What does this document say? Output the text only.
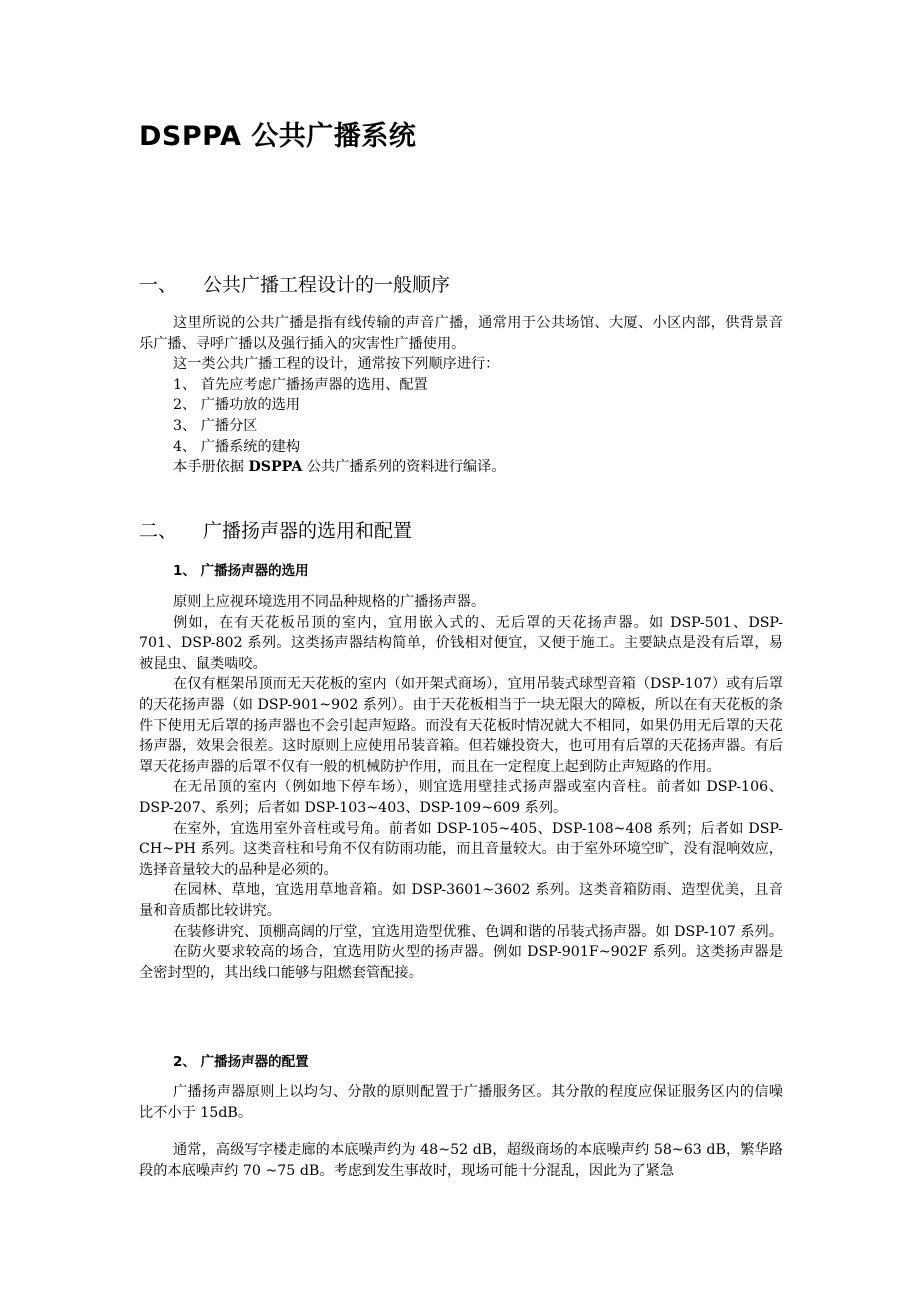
DSPPA 公共广播系统
一、 公共广播工程设计的一般顺序

这里所说的公共广播是指有线传输的声音广播，通常用于公共场馆、大厦、小区内部，供背景音乐广播、寻呼广播以及强行插入的灾害性广播使用。

这一类公共广播工程的设计，通常按下列顺序进行：

1、 首先应考虑广播扬声器的选用、配置

2、 广播功放的选用

3、 广播分区

4、 广播系统的建构

本手册依据 DSPPA 公共广播系列的资料进行编译。

二、 广播扬声器的选用和配置
1、 广播扬声器的选用

原则上应视环境选用不同品种规格的广播扬声器。

例如，在有天花板吊顶的室内，宜用嵌入式的、无后罩的天花扬声器。如 DSP-501、DSP-701、DSP-802 系列。这类扬声器结构简单，价钱相对便宜，又便于施工。主要缺点是没有后罩，易被昆虫、鼠类啮咬。

在仅有框架吊顶而无天花板的室内（如开架式商场），宜用吊装式球型音箱（DSP-107）或有后罩的天花扬声器（如 DSP-901~902 系列）。由于天花板相当于一块无限大的障板，所以在有天花板的条件下使用无后罩的扬声器也不会引起声短路。而没有天花板时情况就大不相同，如果仍用无后罩的天花扬声器，效果会很差。这时原则上应使用吊装音箱。但若嫌投资大，也可用有后罩的天花扬声器。有后罩天花扬声器的后罩不仅有一般的机械防护作用，而且在一定程度上起到防止声短路的作用。

在无吊顶的室内（例如地下停车场），则宜选用壁挂式扬声器或室内音柱。前者如 DSP-106、DSP-207、系列；后者如 DSP-103~403、DSP-109~609 系列。

在室外，宜选用室外音柱或号角。前者如 DSP-105~405、DSP-108~408 系列；后者如 DSP-CH~PH 系列。这类音柱和号角不仅有防雨功能，而且音量较大。由于室外环境空旷，没有混响效应，选择音量较大的品种是必须的。

在园林、草地，宜选用草地音箱。如 DSP-3601~3602 系列。这类音箱防雨、造型优美，且音量和音质都比较讲究。

在装修讲究、顶棚高阔的厅堂，宜选用造型优雅、色调和谐的吊装式扬声器。如 DSP-107 系列。

在防火要求较高的场合，宜选用防火型的扬声器。例如 DSP-901F~902F 系列。这类扬声器是全密封型的，其出线口能够与阻燃套管配接。

2、 广播扬声器的配置

广播扬声器原则上以均匀、分散的原则配置于广播服务区。其分散的程度应保证服务区内的信噪比不小于 15dB。

通常，高级写字楼走廊的本底噪声约为 48~52 dB，超级商场的本底噪声约 58~63 dB，繁华路段的本底噪声约 70 ~75 dB。考虑到发生事故时，现场可能十分混乱，因此为了紧急
